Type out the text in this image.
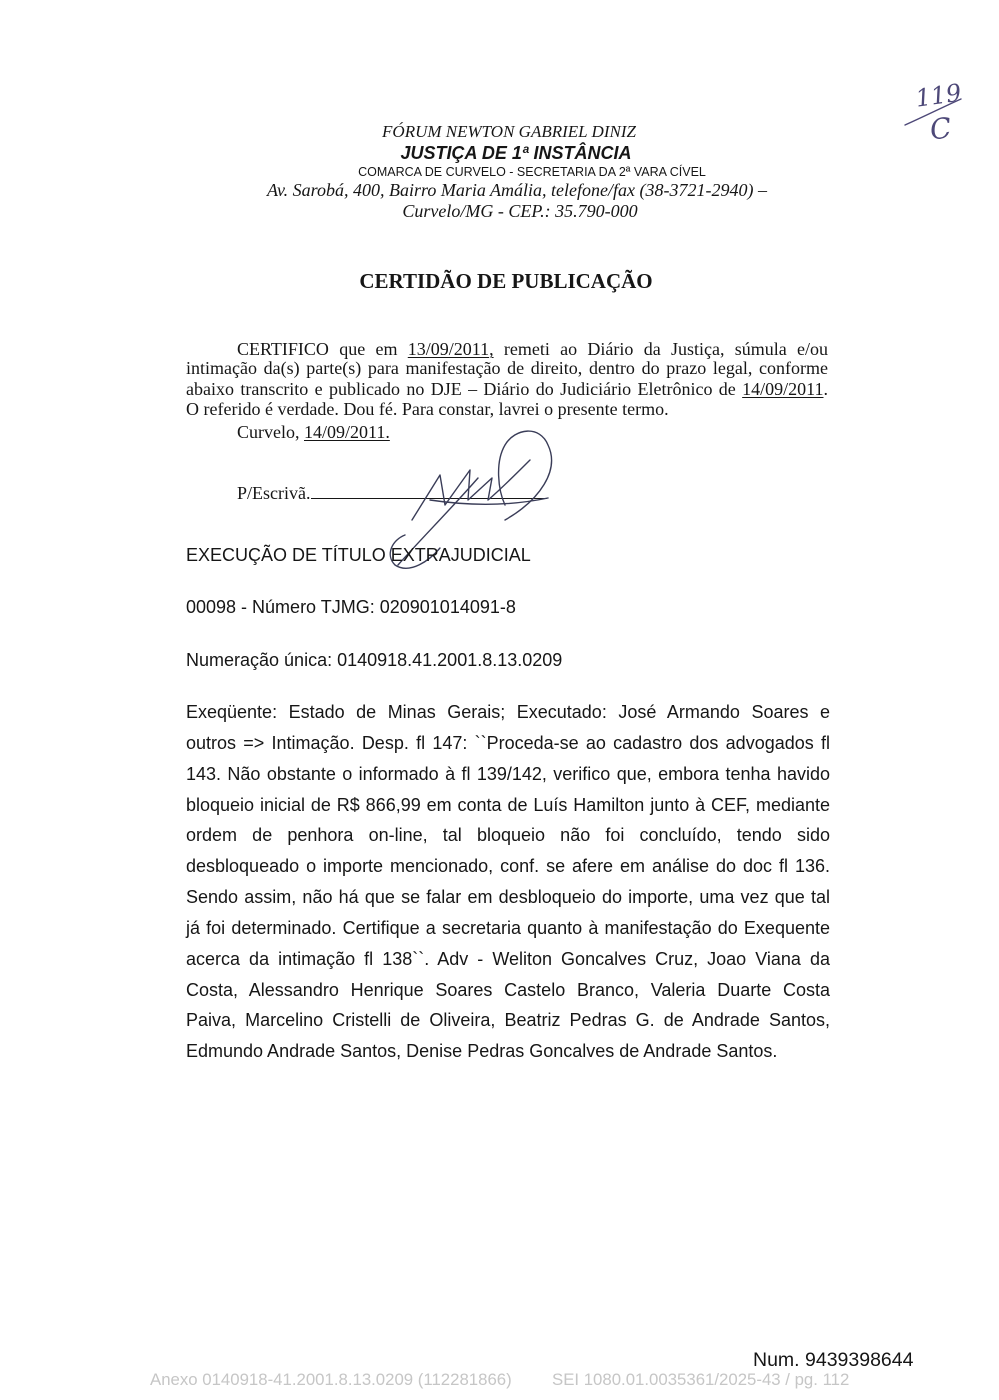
119
C
FÓRUM NEWTON GABRIEL DINIZ
JUSTIÇA DE 1ª INSTÂNCIA
COMARCA DE CURVELO - SECRETARIA DA 2ª VARA CÍVEL
Av. Sarobá, 400, Bairro Maria Amália, telefone/fax (38-3721-2940) –
Curvelo/MG - CEP.: 35.790-000
CERTIDÃO DE PUBLICAÇÃO
CERTIFICO que em 13/09/2011, remeti ao Diário da Justiça, súmula e/ou
intimação da(s) parte(s) para manifestação de direito, dentro do prazo legal, conforme
abaixo transcrito e publicado no DJE – Diário do Judiciário Eletrônico de 14/09/2011.
O referido é verdade. Dou fé. Para constar, lavrei o presente termo.
Curvelo, 14/09/2011.
P/Escrivã.
EXECUÇÃO DE TÍTULO EXTRAJUDICIAL
00098 - Número TJMG: 020901014091-8
Numeração única: 0140918.41.2001.8.13.0209
Exeqüente: Estado de Minas Gerais; Executado: José Armando Soares e
outros => Intimação. Desp. fl 147: ``Proceda-se ao cadastro dos advogados fl
143. Não obstante o informado à fl 139/142, verifico que, embora tenha havido
bloqueio inicial de R$ 866,99 em conta de Luís Hamilton junto à CEF, mediante
ordem de penhora on-line, tal bloqueio não foi concluído, tendo sido
desbloqueado o importe mencionado, conf. se afere em análise do doc fl 136.
Sendo assim, não há que se falar em desbloqueio do importe, uma vez que tal
já foi determinado. Certifique a secretaria quanto à manifestação do Exequente
acerca da intimação fl 138``. Adv - Weliton Goncalves Cruz, Joao Viana da
Costa, Alessandro Henrique Soares Castelo Branco, Valeria Duarte Costa
Paiva, Marcelino Cristelli de Oliveira, Beatriz Pedras G. de Andrade Santos,
Edmundo Andrade Santos, Denise Pedras Goncalves de Andrade Santos.
Num. 9439398644
Anexo 0140918-41.2001.8.13.0209 (112281866) SEI 1080.01.0035361/2025-43 / pg. 112
